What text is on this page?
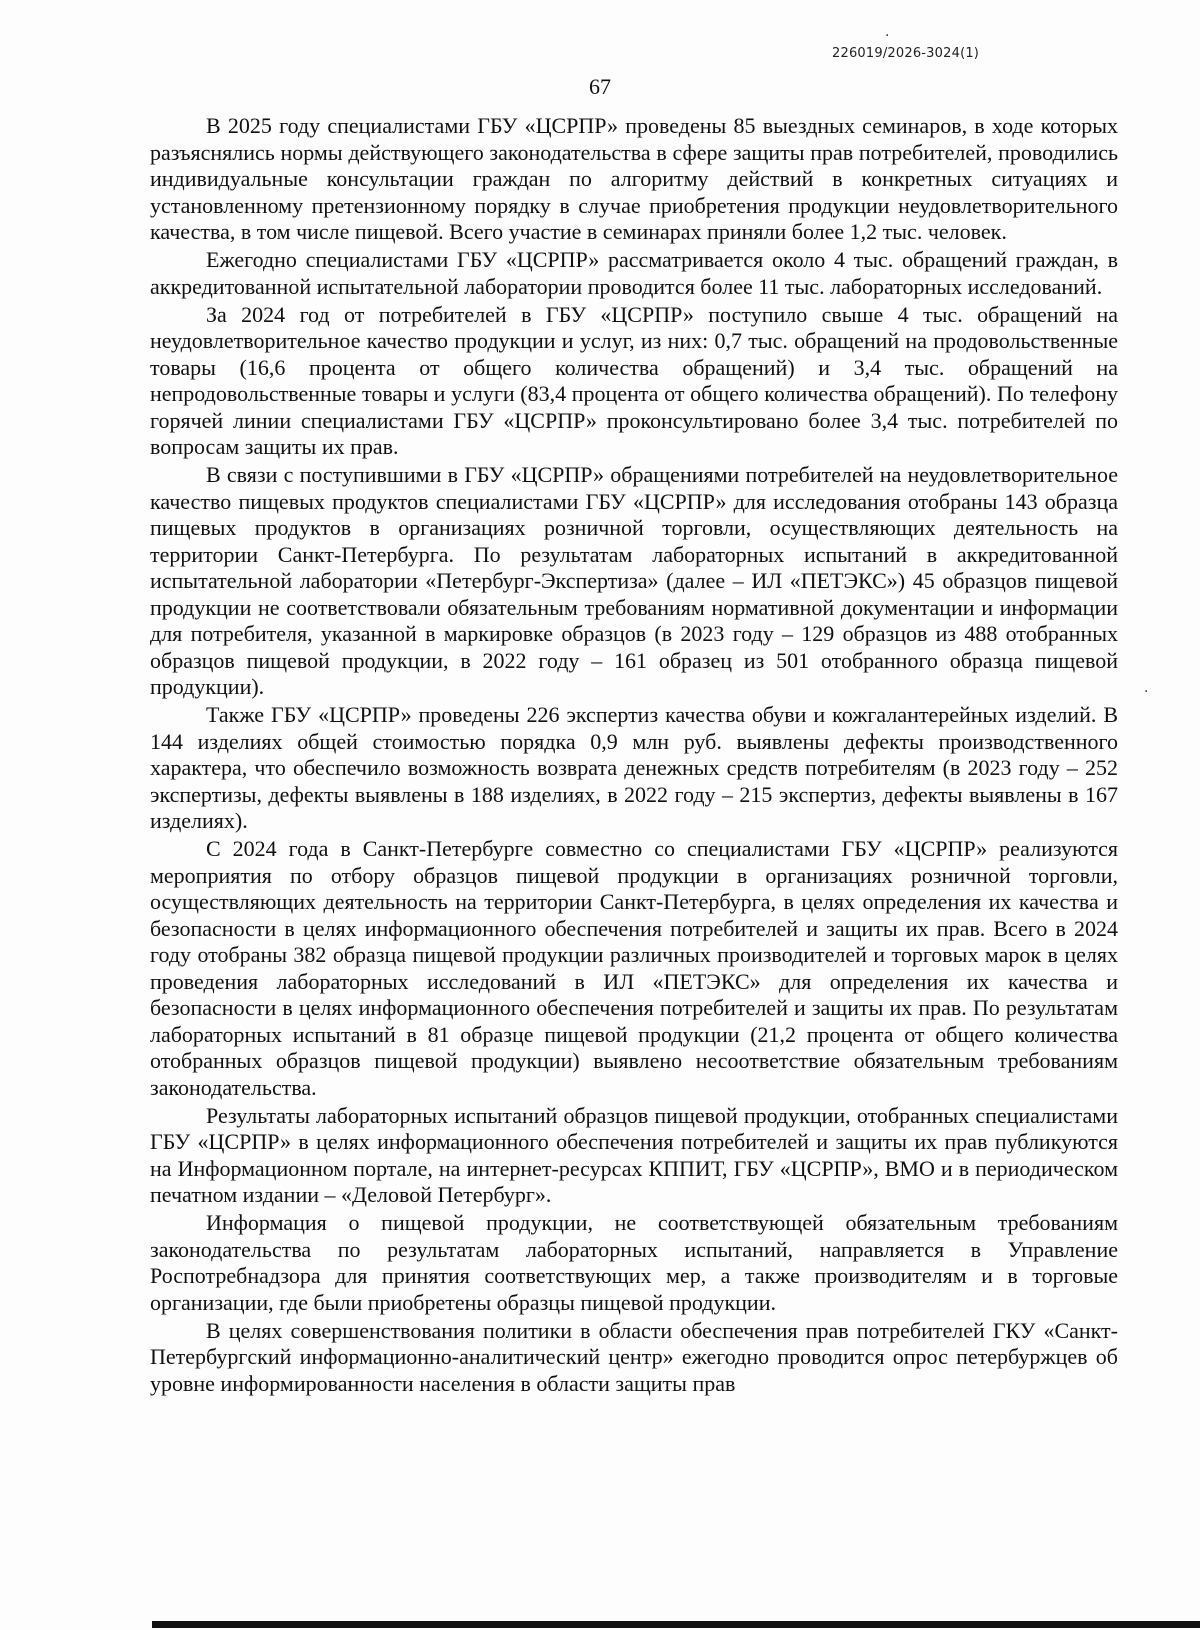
·
226019/2026-3024(1)
67

В 2025 году специалистами ГБУ «ЦСРПР» проведены 85 выездных семинаров, в ходе которых разъяснялись нормы действующего законодательства в сфере защиты прав потребителей, проводились индивидуальные консультации граждан по алгоритму действий в конкретных ситуациях и установленному претензионному порядку в случае приобретения продукции неудовлетворительного качества, в том числе пищевой. Всего участие в семинарах приняли более 1,2 тыс. человек.

Ежегодно специалистами ГБУ «ЦСРПР» рассматривается около 4 тыс. обращений граждан, в аккредитованной испытательной лаборатории проводится более 11 тыс. лабораторных исследований.

За 2024 год от потребителей в ГБУ «ЦСРПР» поступило свыше 4 тыс. обращений на неудовлетворительное качество продукции и услуг, из них: 0,7 тыс. обращений на продовольственные товары (16,6 процента от общего количества обращений) и 3,4 тыс. обращений на непродовольственные товары и услуги (83,4 процента от общего количества обращений). По телефону горячей линии специалистами ГБУ «ЦСРПР» проконсультировано более 3,4 тыс. потребителей по вопросам защиты их прав.

В связи с поступившими в ГБУ «ЦСРПР» обращениями потребителей на неудовлетворительное качество пищевых продуктов специалистами ГБУ «ЦСРПР» для исследования отобраны 143 образца пищевых продуктов в организациях розничной торговли, осуществляющих деятельность на территории Санкт-Петербурга. По результатам лабораторных испытаний в аккредитованной испытательной лаборатории «Петербург-Экспертиза» (далее – ИЛ «ПЕТЭКС») 45 образцов пищевой продукции не соответствовали обязательным требованиям нормативной документации и информации для потребителя, указанной в маркировке образцов (в 2023 году – 129 образцов из 488 отобранных образцов пищевой продукции, в 2022 году – 161 образец из 501 отобранного образца пищевой продукции).

Также ГБУ «ЦСРПР» проведены 226 экспертиз качества обуви и кожгалантерейных изделий. В 144 изделиях общей стоимостью порядка 0,9 млн руб. выявлены дефекты производственного характера, что обеспечило возможность возврата денежных средств потребителям (в 2023 году – 252 экспертизы, дефекты выявлены в 188 изделиях, в 2022 году – 215 экспертиз, дефекты выявлены в 167 изделиях).

С 2024 года в Санкт-Петербурге совместно со специалистами ГБУ «ЦСРПР» реализуются мероприятия по отбору образцов пищевой продукции в организациях розничной торговли, осуществляющих деятельность на территории Санкт-Петербурга, в целях определения их качества и безопасности в целях информационного обеспечения потребителей и защиты их прав. Всего в 2024 году отобраны 382 образца пищевой продукции различных производителей и торговых марок в целях проведения лабораторных исследований в ИЛ «ПЕТЭКС» для определения их качества и безопасности в целях информационного обеспечения потребителей и защиты их прав. По результатам лабораторных испытаний в 81 образце пищевой продукции (21,2 процента от общего количества отобранных образцов пищевой продукции) выявлено несоответствие обязательным требованиям законодательства.

Результаты лабораторных испытаний образцов пищевой продукции, отобранных специалистами ГБУ «ЦСРПР» в целях информационного обеспечения потребителей и защиты их прав публикуются на Информационном портале, на интернет-ресурсах КППИТ, ГБУ «ЦСРПР», ВМО и в периодическом печатном издании – «Деловой Петербург».

Информация о пищевой продукции, не соответствующей обязательным требованиям законодательства по результатам лабораторных испытаний, направляется в Управление Роспотребнадзора для принятия соответствующих мер, а также производителям и в торговые организации, где были приобретены образцы пищевой продукции.

В целях совершенствования политики в области обеспечения прав потребителей ГКУ «Санкт-Петербургский информационно-аналитический центр» ежегодно проводится опрос петербуржцев об уровне информированности населения в области защиты прав

·
